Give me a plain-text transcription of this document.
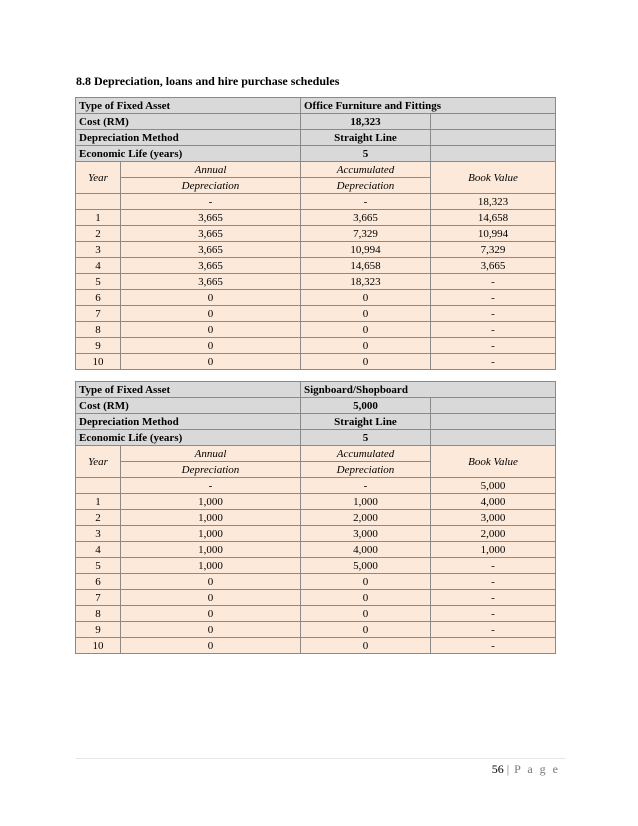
8.8 Depreciation, loans and hire purchase schedules
Type of Fixed Asset		Office Furniture and Fittings	
Cost (RM)		18,323	
Depreciation Method		Straight Line	
Economic Life (years)		5	
Year	Annual	Accumulated	Book Value
	Depreciation	Depreciation	
	-	-	18,323
1	3,665	3,665	14,658
2	3,665	7,329	10,994
3	3,665	10,994	7,329
4	3,665	14,658	3,665
5	3,665	18,323	-
6	0	0	-
7	0	0	-
8	0	0	-
9	0	0	-
10	0	0	-
Type of Fixed Asset		Signboard/Shopboard	
Cost (RM)		5,000	
Depreciation Method		Straight Line	
Economic Life (years)		5	
Year	Annual	Accumulated	Book Value
	Depreciation	Depreciation	
	-	-	5,000
1	1,000	1,000	4,000
2	1,000	2,000	3,000
3	1,000	3,000	2,000
4	1,000	4,000	1,000
5	1,000	5,000	-
6	0	0	-
7	0	0	-
8	0	0	-
9	0	0	-
10	0	0	-
56 | P a g e
